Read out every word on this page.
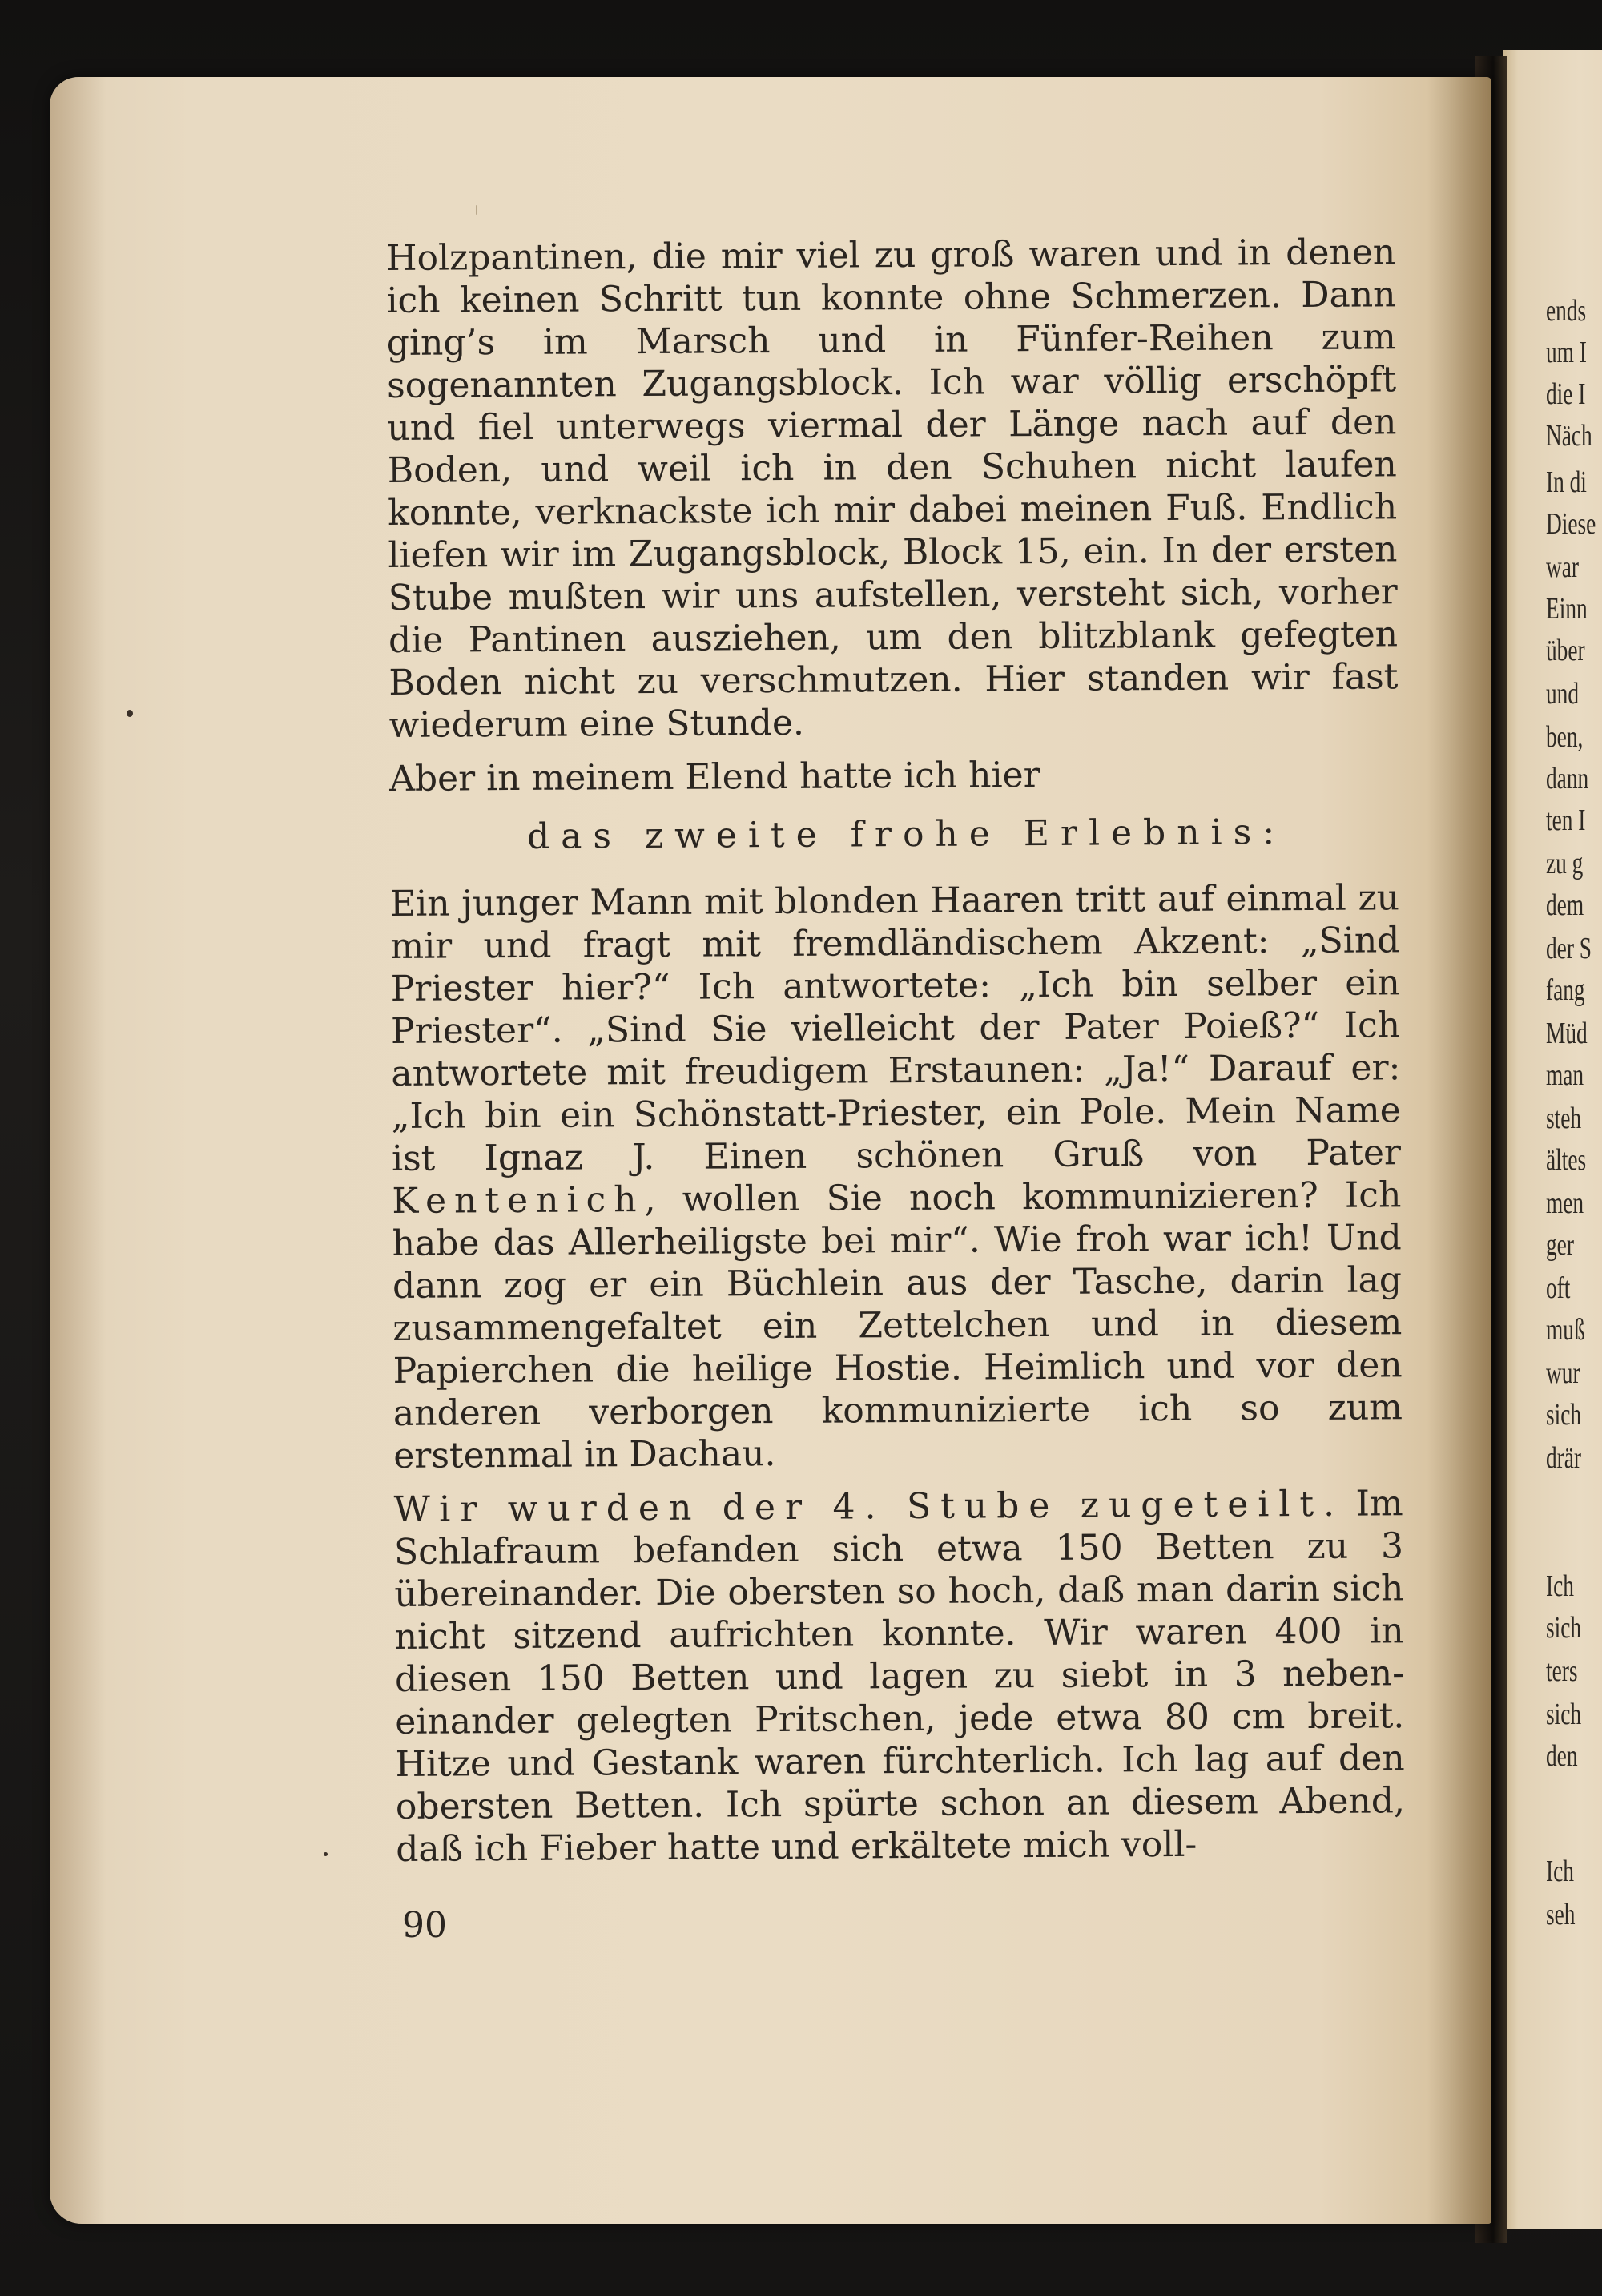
ends
um I
die I
Näch
In di
Diese
war
Einn
über
und
ben,
dann
ten I
zu g
dem
der S
fang
Müd
man
steh
ältes
men
ger
oft
muß
wur
sich
drär
Ich
sich
ters
sich
den
Ich
seh

Holzpantinen, die mir viel zu groß waren und in denen ich keinen Schritt tun konnte ohne Schmerzen. Dann ging’s im Marsch und in Fünfer-Reihen zum sogenannten Zugangsblock. Ich war völlig erschöpft und fiel unterwegs viermal der Länge nach auf den Boden, und weil ich in den Schuhen nicht laufen konnte, verknackste ich mir dabei meinen Fuß. Endlich liefen wir im Zugangsblock, Block 15, ein. In der ersten Stube mußten wir uns aufstellen, versteht sich, vorher die Pantinen ausziehen, um den blitzblank gefegten Boden nicht zu verschmutzen. Hier standen wir fast wiederum eine Stunde.

Aber in meinem Elend hatte ich hier

das zweite frohe Erlebnis:

Ein junger Mann mit blonden Haaren tritt auf einmal zu mir und fragt mit fremdländischem Akzent: „Sind Priester hier?“ Ich antwortete: „Ich bin selber ein Priester“. „Sind Sie vielleicht der Pater Poieß?“ Ich antwortete mit freudigem Erstaunen: „Ja!“ Darauf er: „Ich bin ein Schönstatt-Priester, ein Pole. Mein Name ist Ignaz J. Einen schönen Gruß von Pater Kentenich, wollen Sie noch kommunizieren? Ich habe das Allerheiligste bei mir“. Wie froh war ich! Und dann zog er ein Büchlein aus der Tasche, darin lag zusammengefaltet ein Zettelchen und in diesem Papierchen die heilige Hostie. Heimlich und vor den anderen verborgen kommunizierte ich so zum erstenmal in Dachau.

Wir wurden der 4. Stube zugeteilt. Im Schlafraum befanden sich etwa 150 Betten zu 3 übereinander. Die obersten so hoch, daß man darin sich nicht sitzend aufrichten konnte. Wir waren 400 in diesen 150 Betten und lagen zu siebt in 3 nebeneinander gelegten Pritschen, jede etwa 80 cm breit. Hitze und Gestank waren fürchterlich. Ich lag auf den obersten Betten. Ich spürte schon an diesem Abend, daß ich Fieber hatte und erkältete mich voll-

90
